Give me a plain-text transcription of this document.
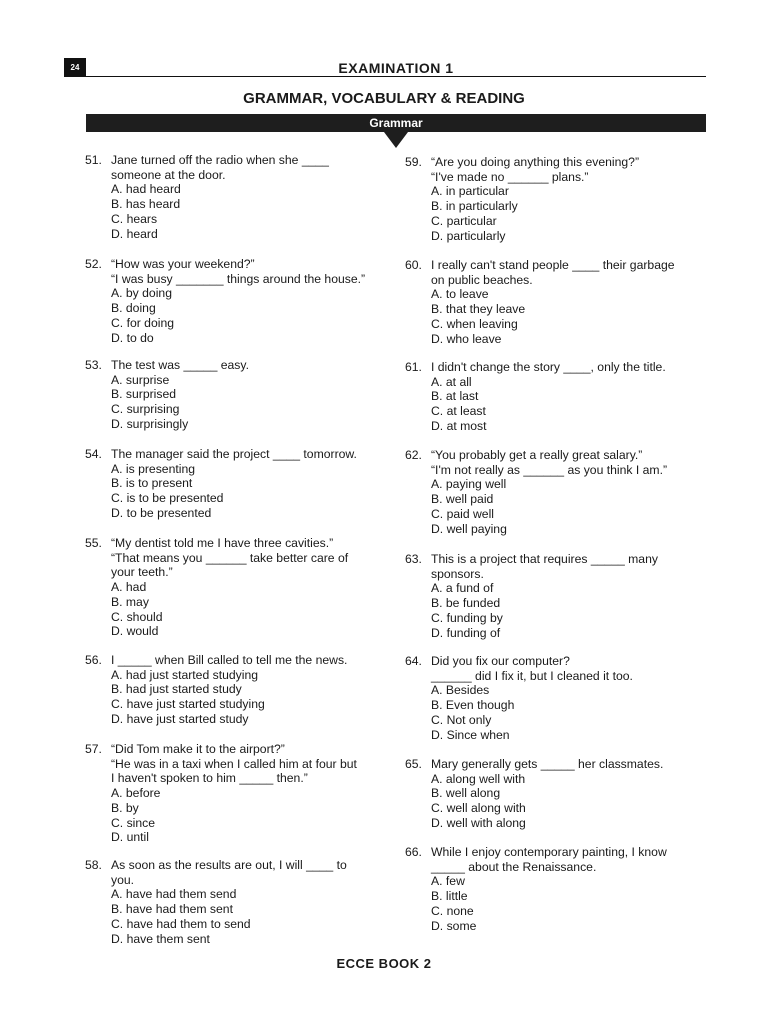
24	EXAMINATION 1
GRAMMAR, VOCABULARY & READING
Grammar
51. Jane turned off the radio when she ____
someone at the door.
A. had heard
B. has heard
C. hears
D. heard
52. “How was your weekend?”
“I was busy _______ things around the house.”
A. by doing
B. doing
C. for doing
D. to do
53. The test was _____ easy.
A. surprise
B. surprised
C. surprising
D. surprisingly
54. The manager said the project ____ tomorrow.
A. is presenting
B. is to present
C. is to be presented
D. to be presented
55. “My dentist told me I have three cavities.”
“That means you ______ take better care of
your teeth.”
A. had
B. may
C. should
D. would
56. I _____ when Bill called to tell me the news.
A. had just started studying
B. had just started study
C. have just started studying
D. have just started study
57. “Did Tom make it to the airport?”
“He was in a taxi when I called him at four but
I haven't spoken to him _____ then.”
A. before
B. by
C. since
D. until
58. As soon as the results are out, I will ____ to
you.
A. have had them send
B. have had them sent
C. have had them to send
D. have them sent
59. “Are you doing anything this evening?”
“I've made no ______ plans.”
A. in particular
B. in particularly
C. particular
D. particularly
60. I really can't stand people ____ their garbage
on public beaches.
A. to leave
B. that they leave
C. when leaving
D. who leave
61. I didn't change the story ____, only the title.
A. at all
B. at last
C. at least
D. at most
62. “You probably get a really great salary.”
“I'm not really as ______ as you think I am.”
A. paying well
B. well paid
C. paid well
D. well paying
63. This is a project that requires _____ many
sponsors.
A. a fund of
B. be funded
C. funding by
D. funding of
64. Did you fix our computer?
______ did I fix it, but I cleaned it too.
A. Besides
B. Even though
C. Not only
D. Since when
65. Mary generally gets _____ her classmates.
A. along well with
B. well along
C. well along with
D. well with along
66. While I enjoy contemporary painting, I know
_____ about the Renaissance.
A. few
B. little
C. none
D. some
ECCE BOOK 2
